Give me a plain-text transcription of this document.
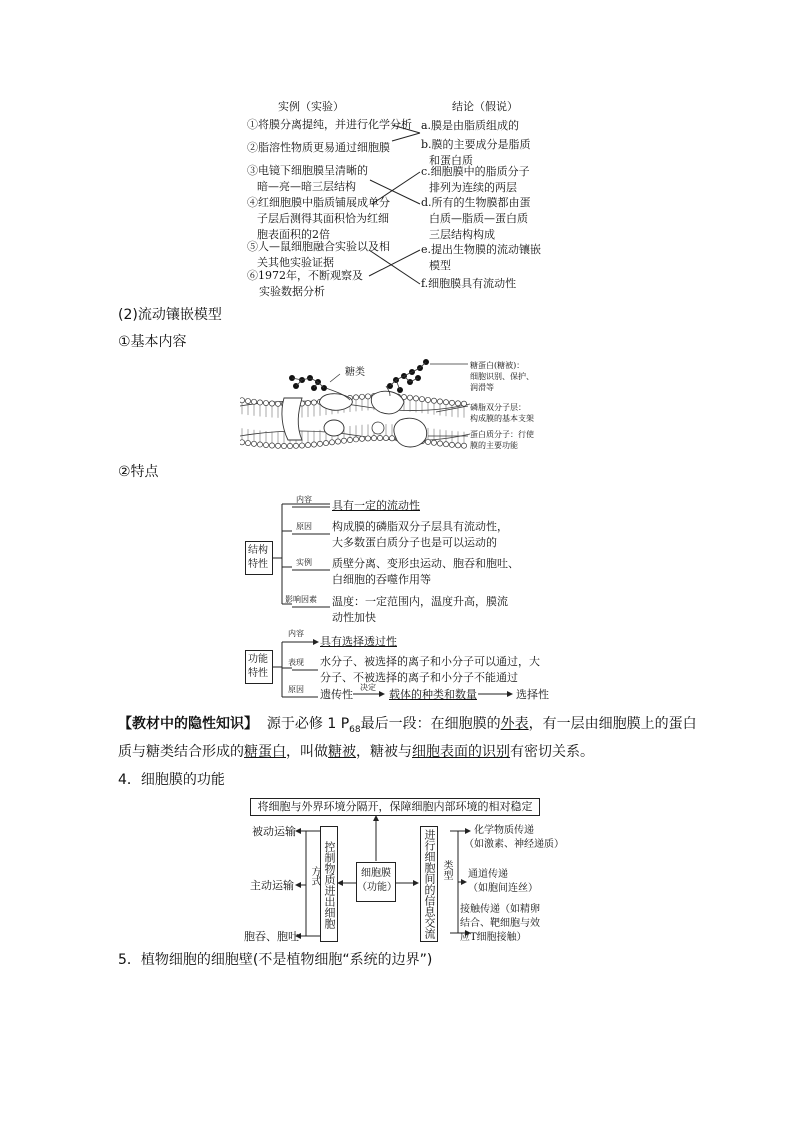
实例（实验）	结论（假说）
①将膜分离提纯，并进行化学分析
②脂溶性物质更易通过细胞膜
③电镜下细胞膜呈清晰的
暗—亮—暗三层结构
④红细胞膜中脂质铺展成单分
子层后测得其面积恰为红细
胞表面积的2倍
⑤人—鼠细胞融合实验以及相
关其他实验证据
⑥1972年，不断观察及
实验数据分析
a.膜是由脂质组成的
b.膜的主要成分是脂质
和蛋白质
c.细胞膜中的脂质分子
排列为连续的两层
d.所有的生物膜都由蛋
白质—脂质—蛋白质
三层结构构成
e.提出生物膜的流动镶嵌
模型
f.细胞膜具有流动性
(2)流动镶嵌模型
①基本内容
糖类
糖蛋白(糖被)：
细胞识别、保护、
润滑等
磷脂双分子层：
构成膜的基本支架
蛋白质分子：行使
膜的主要功能
②特点
结构特性
内容
原因
实例
影响因素
具有一定的流动性
构成膜的磷脂双分子层具有流动性，
大多数蛋白质分子也是可以运动的
质壁分离、变形虫运动、胞吞和胞吐、
白细胞的吞噬作用等
温度：一定范围内，温度升高，膜流
动性加快
功能特性
内容
表现
原因
具有选择透过性
水分子、被选择的离子和小分子可以通过，大
分子、不被选择的离子和小分子不能通过
遗传性
决定
载体的种类和数量	选择性
【教材中的隐性知识】 源于必修 1 $P_{68}$最后一段：在细胞膜的外表，有一层由细胞膜上的蛋白
质与糖类结合形成的糖蛋白，叫做糖被，糖被与细胞表面的识别有密切关系。
4．细胞膜的功能
将细胞与外界环境分隔开，保障细胞内部环境的相对稳定
细胞膜
（功能）
控制物质进出细胞
方式
被动运输
主动运输
胞吞、胞吐	进行细胞间的信息交流 类型
化学物质传递
（如激素、神经递质）
通道传递
（如胞间连丝）
接触传递（如精卵
结合、靶细胞与效
应T细胞接触）
5．植物细胞的细胞壁(不是植物细胞“系统的边界”)
